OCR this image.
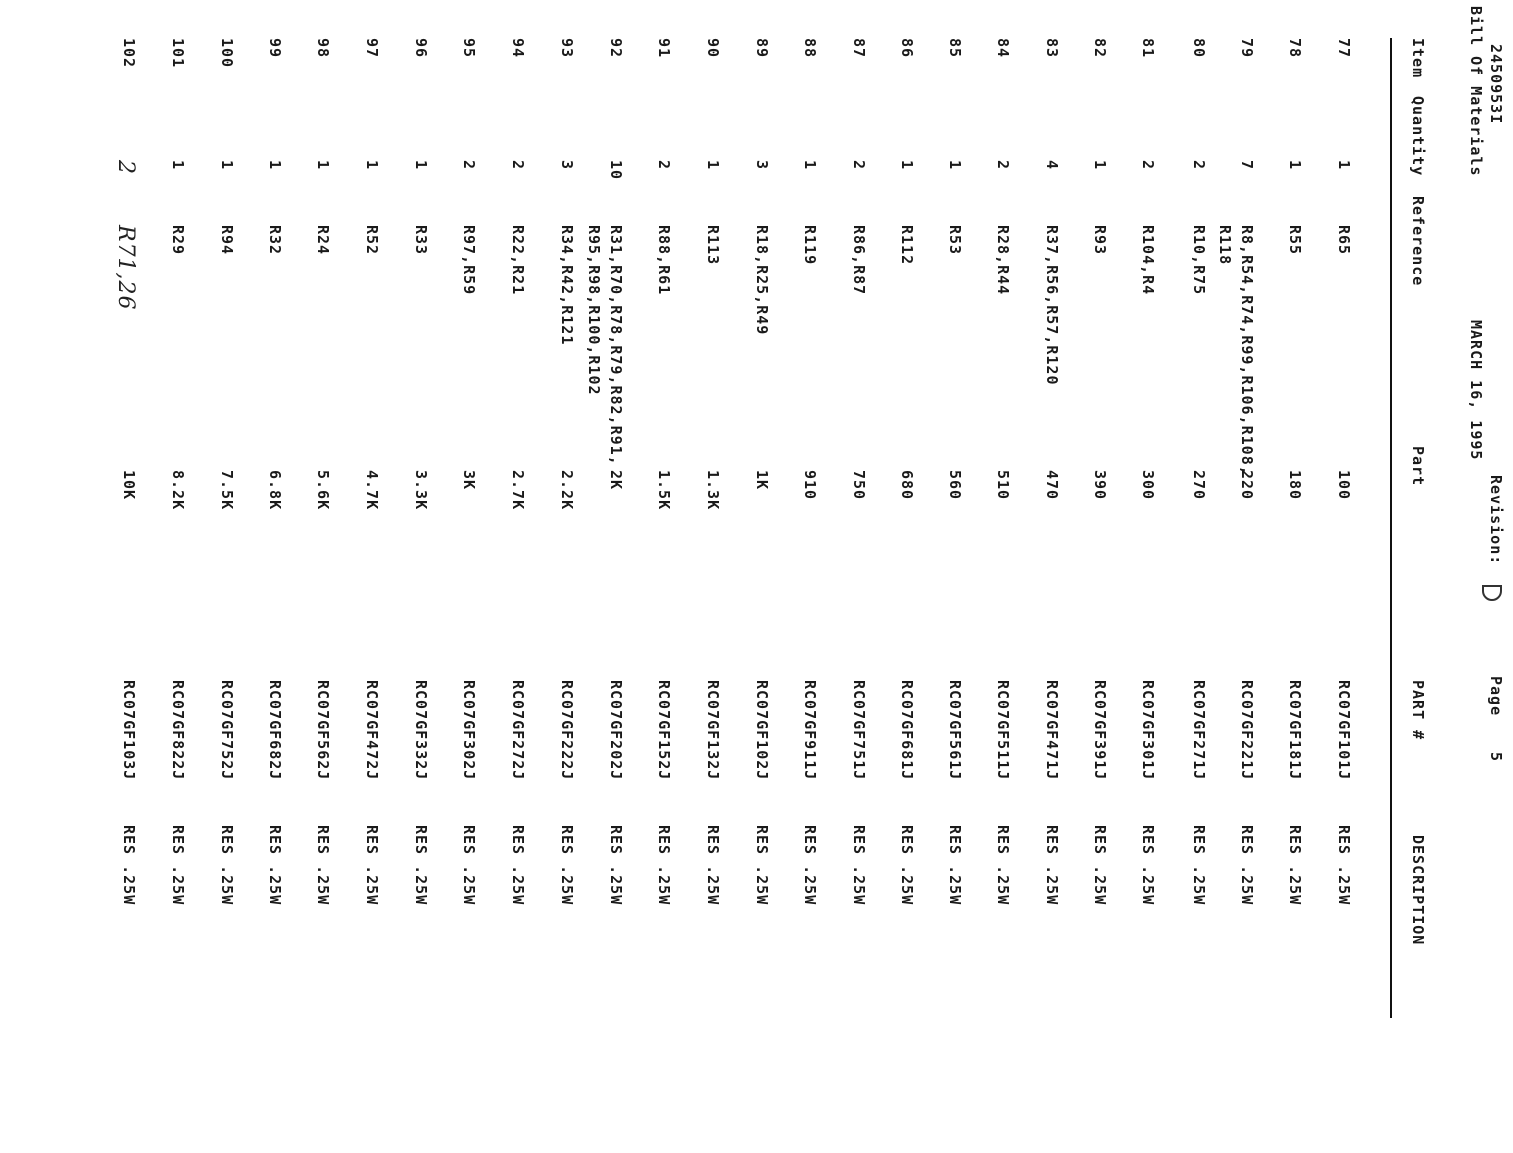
2450953I
Bill Of Materials
MARCH 16, 1995
Revision:
Page
5
Item
Quantity
Reference
Part
PART #
DESCRIPTION
77
1
R65
100
RC07GF101J
RES .25W
78
1
R55
180
RC07GF181J
RES .25W
79
7
R8,R54,R74,R99,R106,R108,
R118
220
RC07GF221J
RES .25W
80
2
R10,R75
270
RC07GF271J
RES .25W
81
2
R104,R4
300
RC07GF301J
RES .25W
82
1
R93
390
RC07GF391J
RES .25W
83
4
R37,R56,R57,R120
470
RC07GF471J
RES .25W
84
2
R28,R44
510
RC07GF511J
RES .25W
85
1
R53
560
RC07GF561J
RES .25W
86
1
R112
680
RC07GF681J
RES .25W
87
2
R86,R87
750
RC07GF751J
RES .25W
88
1
R119
910
RC07GF911J
RES .25W
89
3
R18,R25,R49
1K
RC07GF102J
RES .25W
90
1
R113
1.3K
RC07GF132J
RES .25W
91
2
R88,R61
1.5K
RC07GF152J
RES .25W
92
10
R31,R70,R78,R79,R82,R91,
R95,R98,R100,R102
2K
RC07GF202J
RES .25W
93
3
R34,R42,R121
2.2K
RC07GF222J
RES .25W
94
2
R22,R21
2.7K
RC07GF272J
RES .25W
95
2
R97,R59
3K
RC07GF302J
RES .25W
96
1
R33
3.3K
RC07GF332J
RES .25W
97
1
R52
4.7K
RC07GF472J
RES .25W
98
1
R24
5.6K
RC07GF562J
RES .25W
99
1
R32
6.8K
RC07GF682J
RES .25W
100
1
R94
7.5K
RC07GF752J
RES .25W
101
1
R29
8.2K
RC07GF822J
RES .25W
102
2
R71,26
10K
RC07GF103J
RES .25W
